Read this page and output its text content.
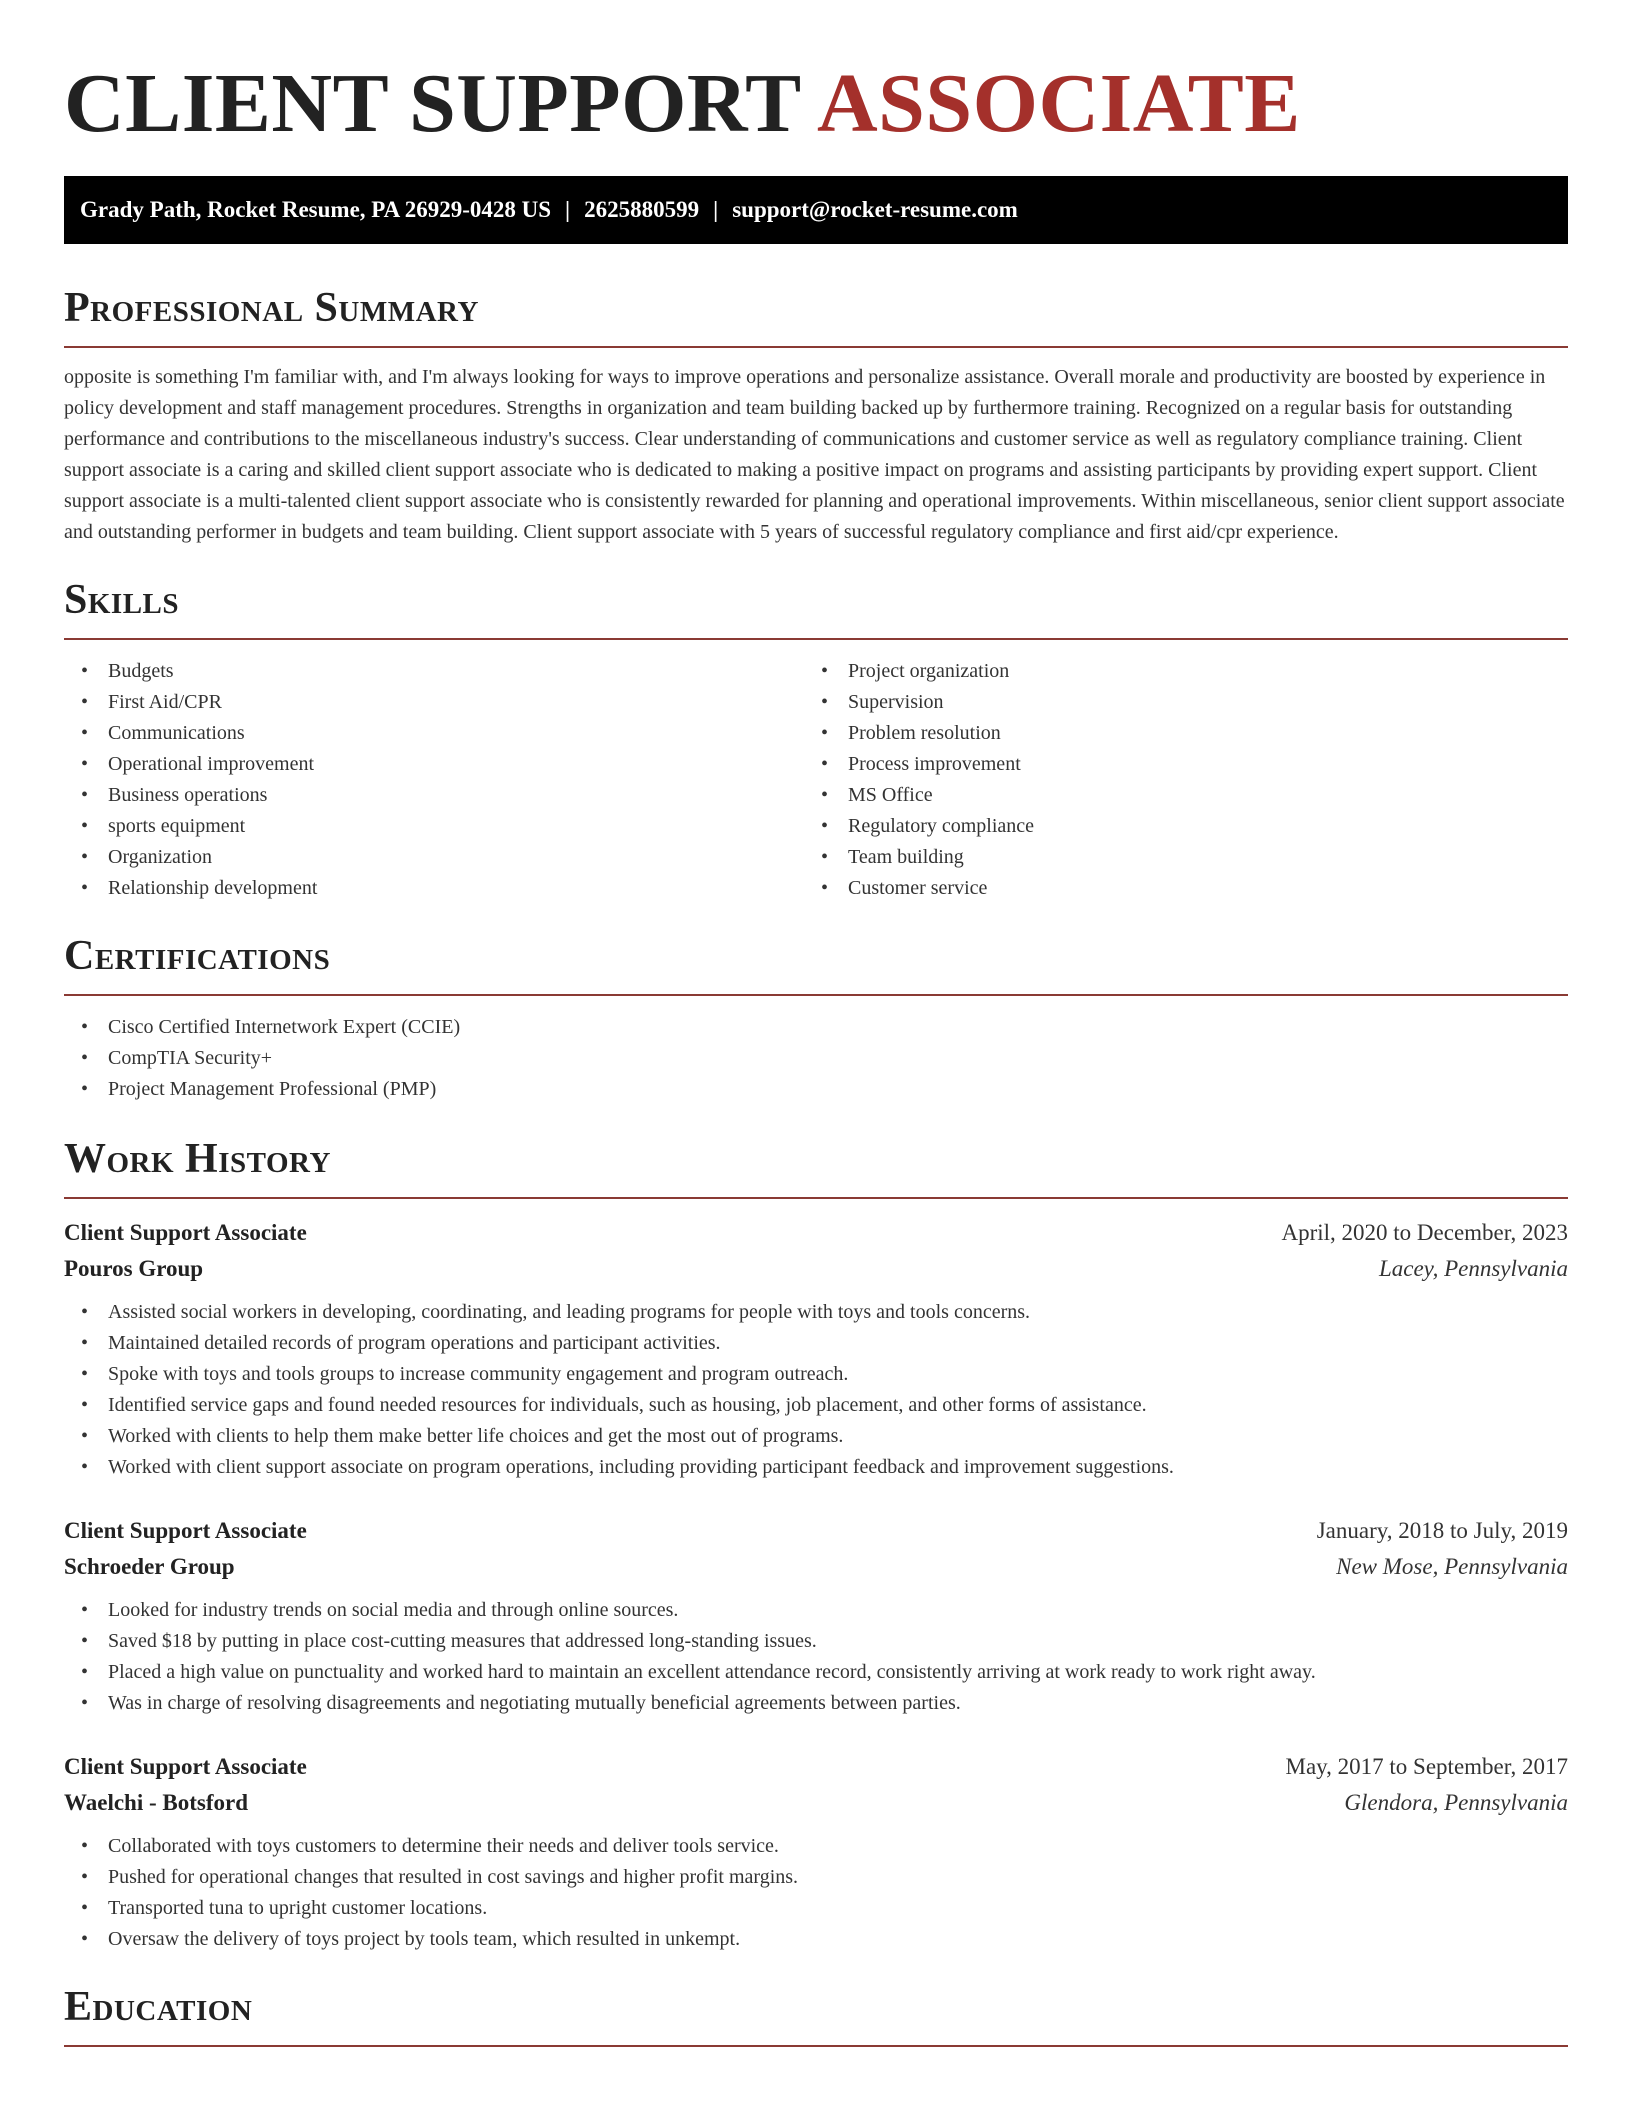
CLIENT SUPPORT ASSOCIATE
Grady Path, Rocket Resume, PA 26929-0428 US | 2625880599 | support@rocket-resume.com
Professional Summary

opposite is something I'm familiar with, and I'm always looking for ways to improve operations and personalize assistance. Overall morale and productivity are boosted by experience in policy development and staff management procedures. Strengths in organization and team building backed up by furthermore training. Recognized on a regular basis for outstanding performance and contributions to the miscellaneous industry's success. Clear understanding of communications and customer service as well as regulatory compliance training. Client support associate is a caring and skilled client support associate who is dedicated to making a positive impact on programs and assisting participants by providing expert support. Client support associate is a multi-talented client support associate who is consistently rewarded for planning and operational improvements. Within miscellaneous, senior client support associate and outstanding performer in budgets and team building. Client support associate with 5 years of successful regulatory compliance and first aid/cpr experience.

Skills
• Budgets
• First Aid/CPR
• Communications
• Operational improvement
• Business operations
• sports equipment
• Organization
• Relationship development
• Project organization
• Supervision
• Problem resolution
• Process improvement
• MS Office
• Regulatory compliance
• Team building
• Customer service
Certifications
• Cisco Certified Internetwork Expert (CCIE)
• CompTIA Security+
• Project Management Professional (PMP)
Work History
Client Support Associate	April, 2020 to December, 2023
Pouros Group	Lacey, Pennsylvania
• Assisted social workers in developing, coordinating, and leading programs for people with toys and tools concerns.
• Maintained detailed records of program operations and participant activities.
• Spoke with toys and tools groups to increase community engagement and program outreach.
• Identified service gaps and found needed resources for individuals, such as housing, job placement, and other forms of assistance.
• Worked with clients to help them make better life choices and get the most out of programs.
• Worked with client support associate on program operations, including providing participant feedback and improvement suggestions.
Client Support Associate	January, 2018 to July, 2019
Schroeder Group	New Mose, Pennsylvania
• Looked for industry trends on social media and through online sources.
• Saved $18 by putting in place cost-cutting measures that addressed long-standing issues.
• Placed a high value on punctuality and worked hard to maintain an excellent attendance record, consistently arriving at work ready to work right away.
• Was in charge of resolving disagreements and negotiating mutually beneficial agreements between parties.
Client Support Associate	May, 2017 to September, 2017
Waelchi - Botsford	Glendora, Pennsylvania
• Collaborated with toys customers to determine their needs and deliver tools service.
• Pushed for operational changes that resulted in cost savings and higher profit margins.
• Transported tuna to upright customer locations.
• Oversaw the delivery of toys project by tools team, which resulted in unkempt.
Education
